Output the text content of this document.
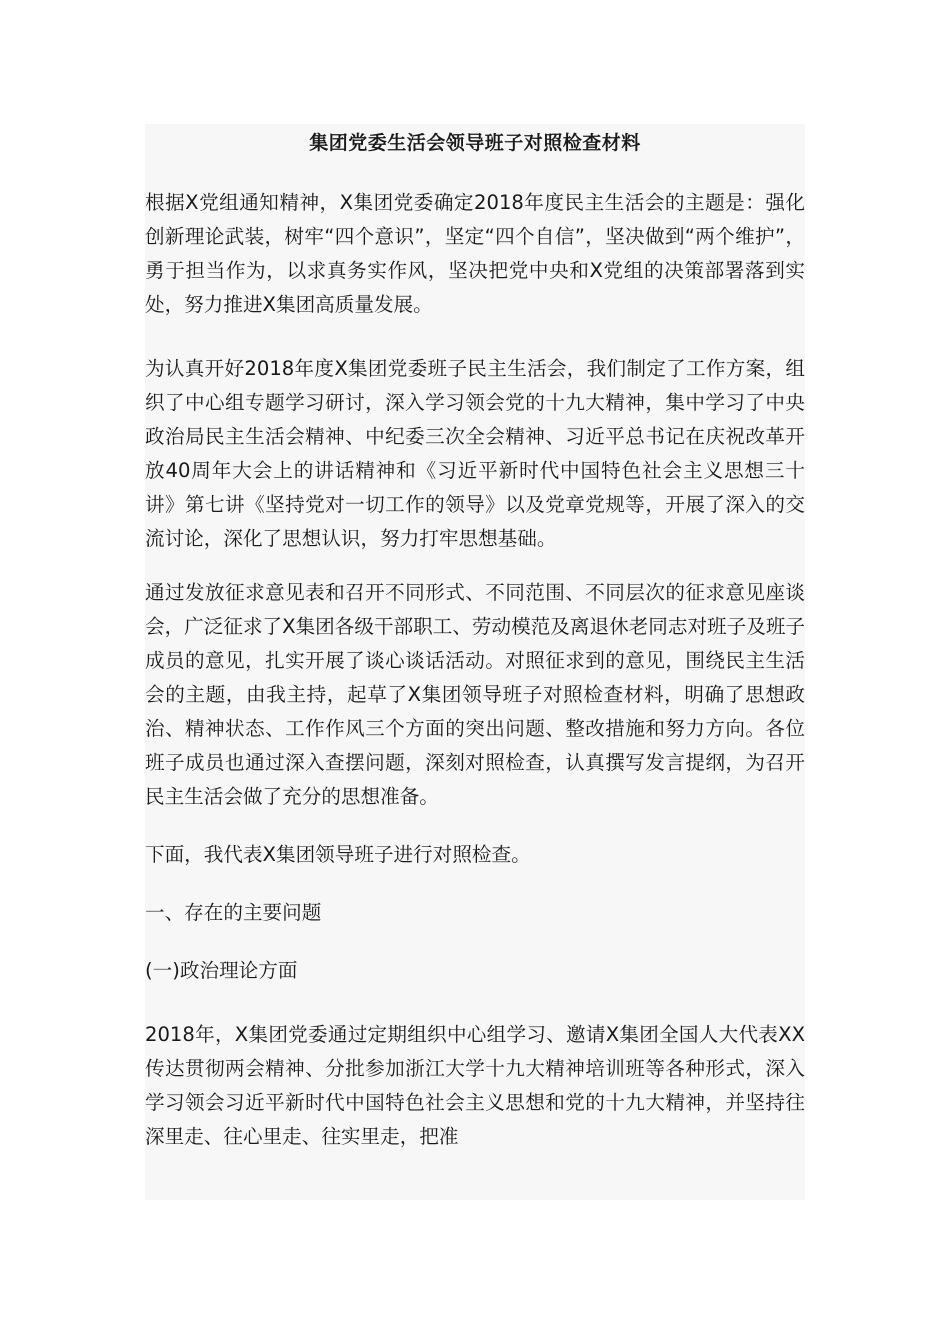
集团党委生活会领导班子对照检查材料

根据X党组通知精神，X集团党委确定2018年度民主生活会的主题是：强化创新理论武装，树牢“四个意识”，坚定“四个自信”，坚决做到“两个维护”，勇于担当作为，以求真务实作风，坚决把党中央和X党组的决策部署落到实处，努力推进X集团高质量发展。

为认真开好2018年度X集团党委班子民主生活会，我们制定了工作方案，组织了中心组专题学习研讨，深入学习领会党的十九大精神，集中学习了中央政治局民主生活会精神、中纪委三次全会精神、习近平总书记在庆祝改革开放40周年大会上的讲话精神和《习近平新时代中国特色社会主义思想三十讲》第七讲《坚持党对一切工作的领导》以及党章党规等，开展了深入的交流讨论，深化了思想认识，努力打牢思想基础。

通过发放征求意见表和召开不同形式、不同范围、不同层次的征求意见座谈会，广泛征求了X集团各级干部职工、劳动模范及离退休老同志对班子及班子成员的意见，扎实开展了谈心谈话活动。对照征求到的意见，围绕民主生活会的主题，由我主持，起草了X集团领导班子对照检查材料，明确了思想政治、精神状态、工作作风三个方面的突出问题、整改措施和努力方向。各位班子成员也通过深入查摆问题，深刻对照检查，认真撰写发言提纲，为召开民主生活会做了充分的思想准备。

下面，我代表X集团领导班子进行对照检查。

一、存在的主要问题

(一)政治理论方面

2018年，X集团党委通过定期组织中心组学习、邀请X集团全国人大代表XX传达贯彻两会精神、分批参加浙江大学十九大精神培训班等各种形式，深入学习领会习近平新时代中国特色社会主义思想和党的十九大精神，并坚持往深里走、往心里走、往实里走，把准
